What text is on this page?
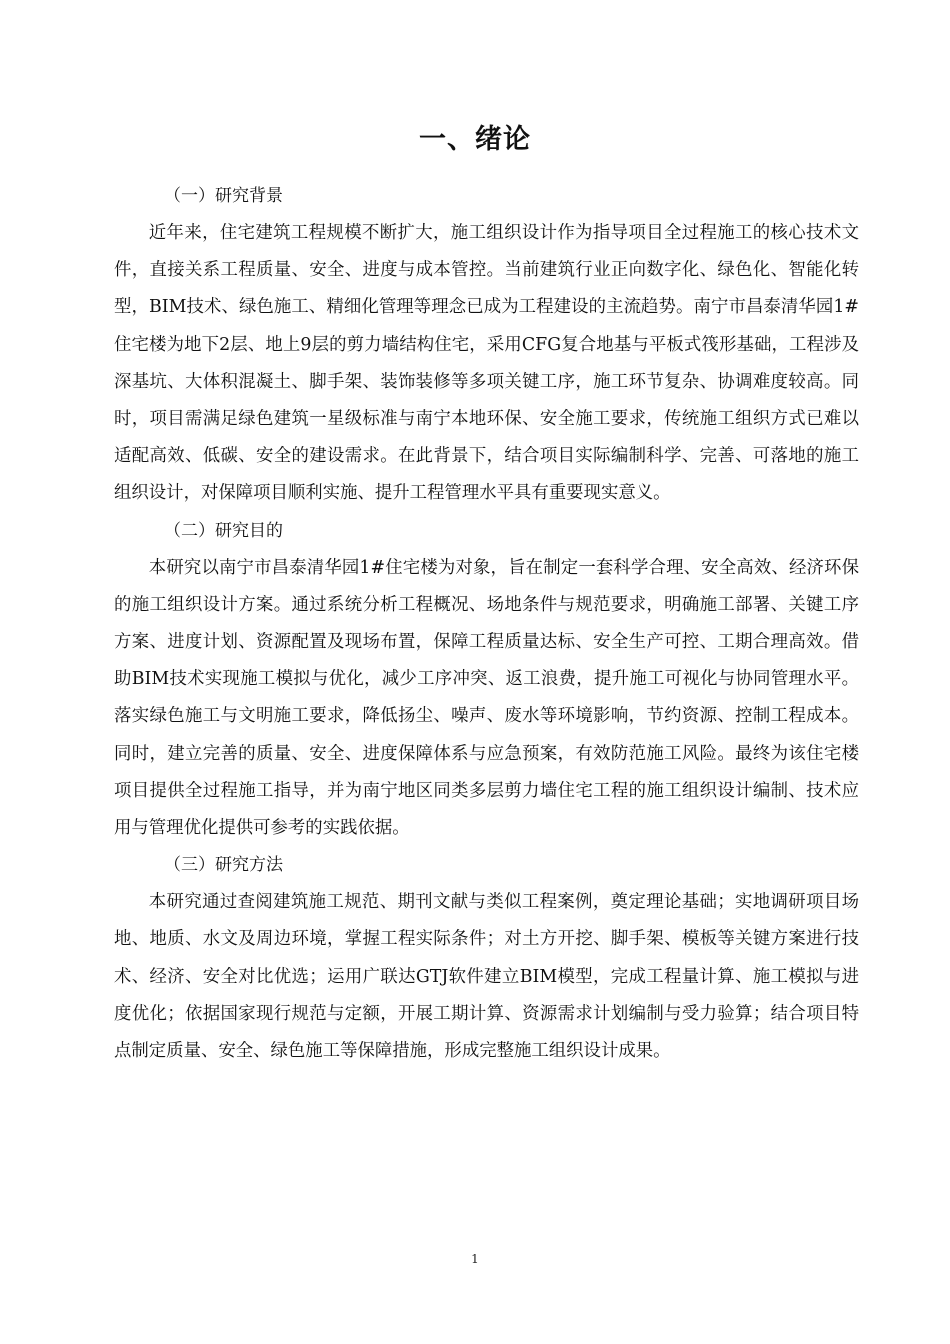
一、绪论
（一）研究背景

近年来，住宅建筑工程规模不断扩大，施工组织设计作为指导项目全过程施工的核心技术文件，直接关系工程质量、安全、进度与成本管控。当前建筑行业正向数字化、绿色化、智能化转型，BIM技术、绿色施工、精细化管理等理念已成为工程建设的主流趋势。南宁市昌泰清华园1#住宅楼为地下2层、地上9层的剪力墙结构住宅，采用CFG复合地基与平板式筏形基础，工程涉及深基坑、大体积混凝土、脚手架、装饰装修等多项关键工序，施工环节复杂、协调难度较高。同时，项目需满足绿色建筑一星级标准与南宁本地环保、安全施工要求，传统施工组织方式已难以适配高效、低碳、安全的建设需求。在此背景下，结合项目实际编制科学、完善、可落地的施工组织设计，对保障项目顺利实施、提升工程管理水平具有重要现实意义。

（二）研究目的

本研究以南宁市昌泰清华园1#住宅楼为对象，旨在制定一套科学合理、安全高效、经济环保的施工组织设计方案。通过系统分析工程概况、场地条件与规范要求，明确施工部署、关键工序方案、进度计划、资源配置及现场布置，保障工程质量达标、安全生产可控、工期合理高效。借助BIM技术实现施工模拟与优化，减少工序冲突、返工浪费，提升施工可视化与协同管理水平。落实绿色施工与文明施工要求，降低扬尘、噪声、废水等环境影响，节约资源、控制工程成本。同时，建立完善的质量、安全、进度保障体系与应急预案，有效防范施工风险。最终为该住宅楼项目提供全过程施工指导，并为南宁地区同类多层剪力墙住宅工程的施工组织设计编制、技术应用与管理优化提供可参考的实践依据。

（三）研究方法

本研究通过查阅建筑施工规范、期刊文献与类似工程案例，奠定理论基础；实地调研项目场地、地质、水文及周边环境，掌握工程实际条件；对土方开挖、脚手架、模板等关键方案进行技术、经济、安全对比优选；运用广联达GTJ软件建立BIM模型，完成工程量计算、施工模拟与进度优化；依据国家现行规范与定额，开展工期计算、资源需求计划编制与受力验算；结合项目特点制定质量、安全、绿色施工等保障措施，形成完整施工组织设计成果。

1
